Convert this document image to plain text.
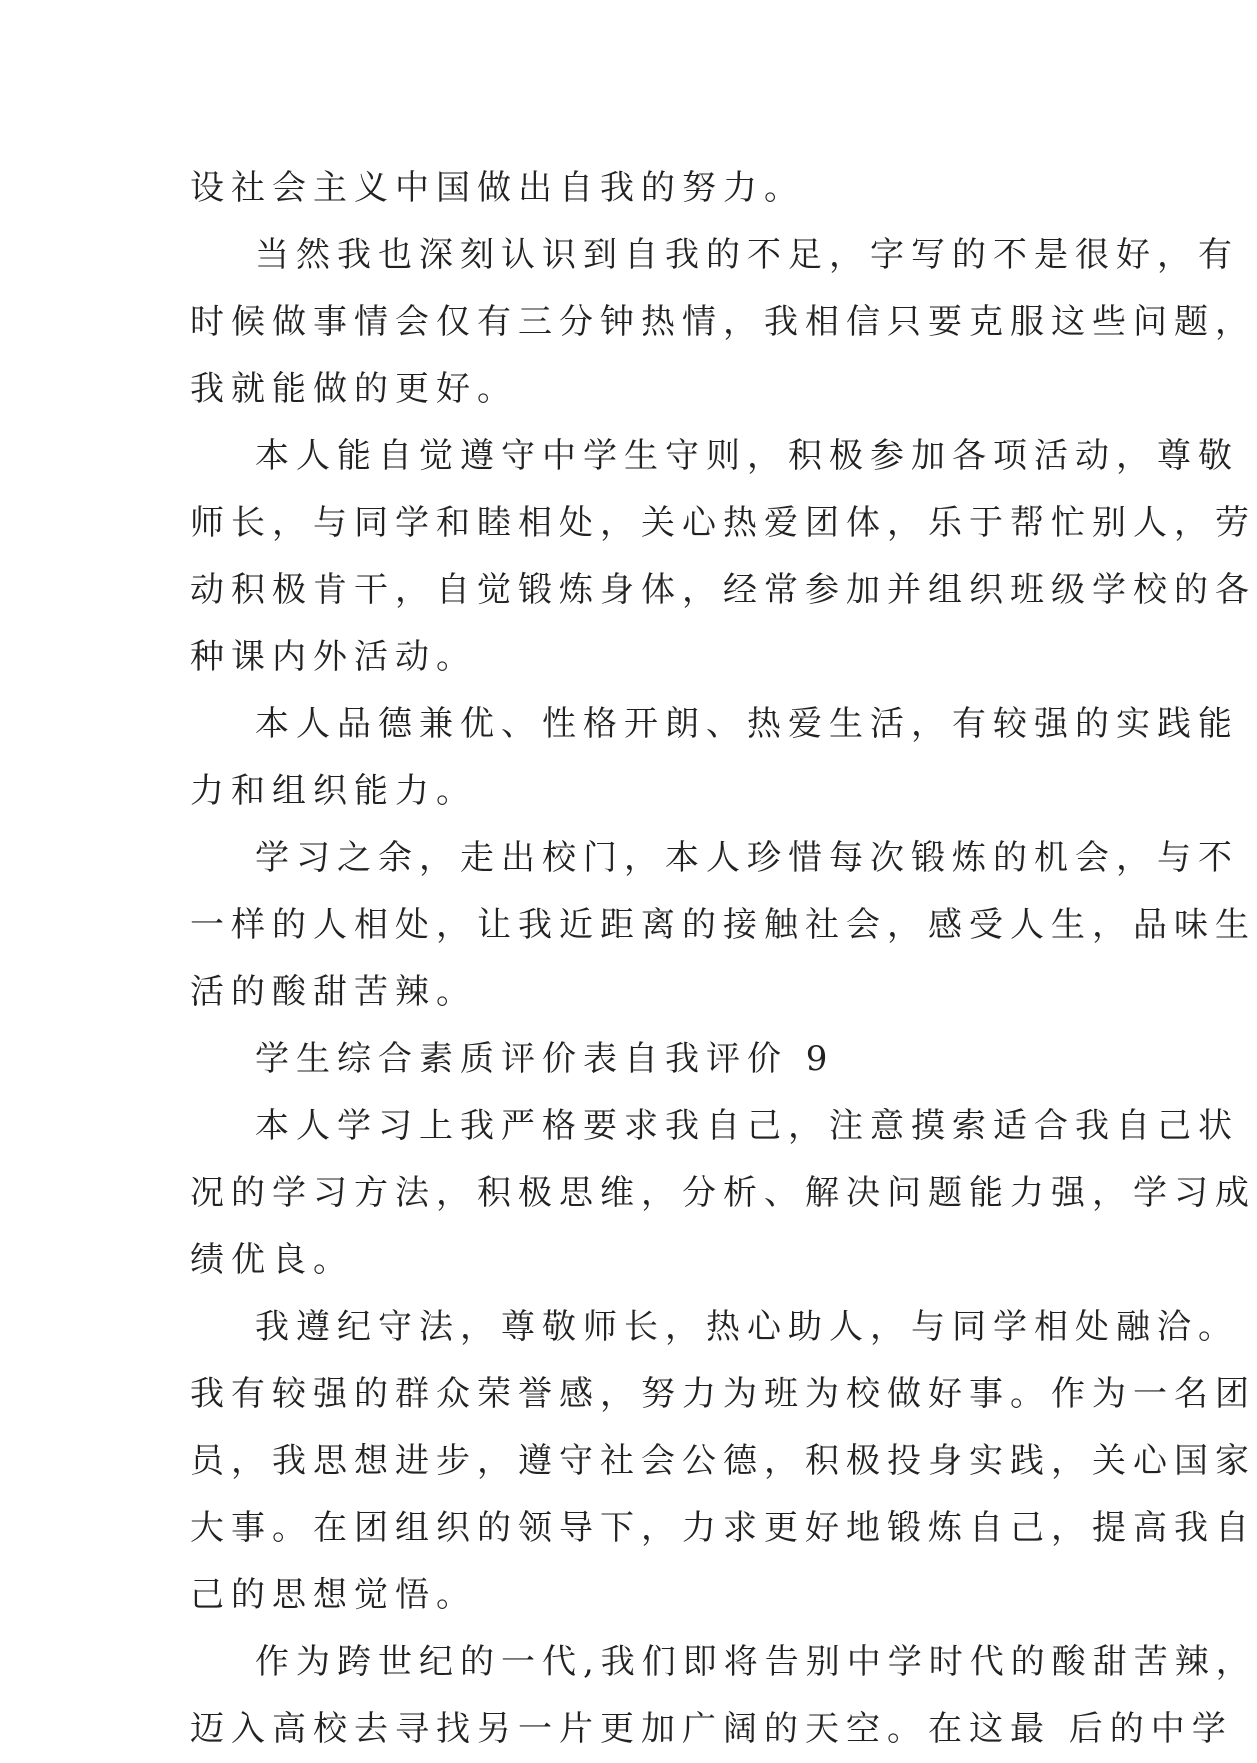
设社会主义中国做出自我的努力。
当然我也深刻认识到自我的不足，字写的不是很好，有
时候做事情会仅有三分钟热情，我相信只要克服这些问题，
我就能做的更好。
本人能自觉遵守中学生守则，积极参加各项活动，尊敬
师长，与同学和睦相处，关心热爱团体，乐于帮忙别人，劳
动积极肯干，自觉锻炼身体，经常参加并组织班级学校的各
种课内外活动。
本人品德兼优、性格开朗、热爱生活，有较强的实践能
力和组织能力。
学习之余，走出校门，本人珍惜每次锻炼的机会，与不
一样的人相处，让我近距离的接触社会，感受人生，品味生
活的酸甜苦辣。
学生综合素质评价表自我评价 9
本人学习上我严格要求我自己，注意摸索适合我自己状
况的学习方法，积极思维，分析、解决问题能力强，学习成
绩优良。
我遵纪守法，尊敬师长，热心助人，与同学相处融洽。
我有较强的群众荣誉感，努力为班为校做好事。作为一名团
员，我思想进步，遵守社会公德，积极投身实践，关心国家
大事。在团组织的领导下，力求更好地锻炼自己，提高我自
己的思想觉悟。
作为跨世纪的一代,我们即将告别中学时代的酸甜苦辣，
迈入高校去寻找另一片更加广阔的天空。在这最 后的中学
